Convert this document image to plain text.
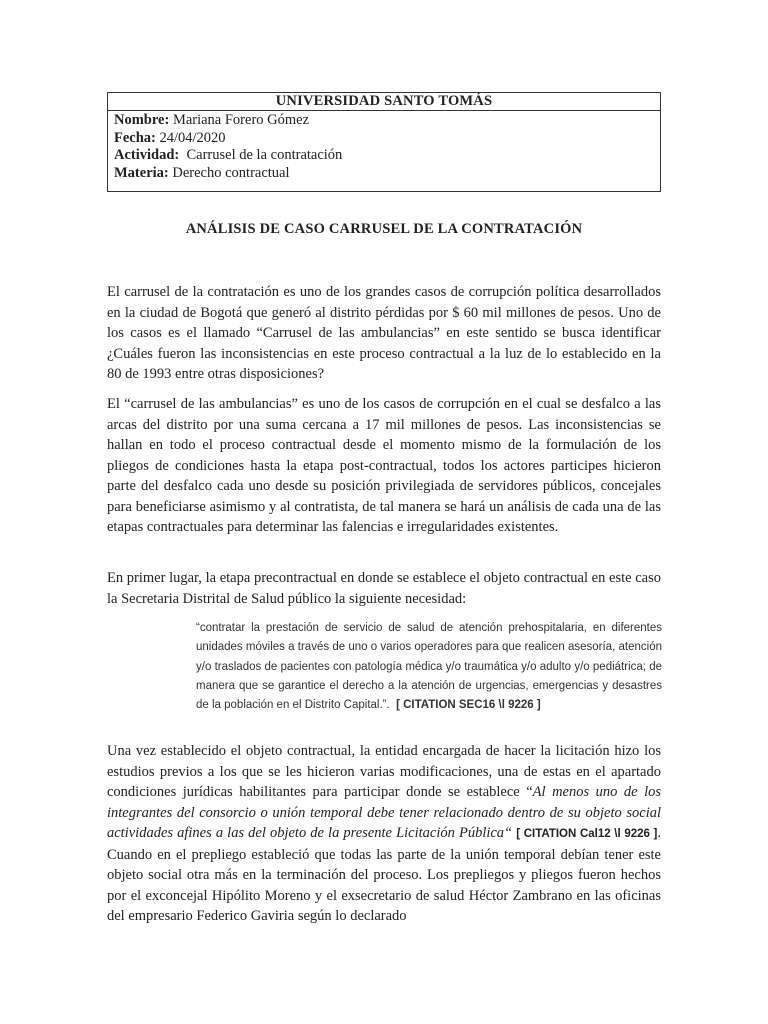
UNIVERSIDAD SANTO TOMÁS
Nombre: Mariana Forero Gómez
Fecha: 24/04/2020
Actividad:  Carrusel de la contratación
Materia: Derecho contractual
ANÁLISIS DE CASO CARRUSEL DE LA CONTRATACIÓN

El carrusel de la contratación es uno de los grandes casos de corrupción política desarrollados en la ciudad de Bogotá que generó al distrito pérdidas por $ 60 mil millones de pesos. Uno de los casos es el llamado “Carrusel de las ambulancias” en este sentido se busca identificar ¿Cuáles fueron las inconsistencias en este proceso contractual a la luz de lo establecido en la 80 de 1993 entre otras disposiciones?

El “carrusel de las ambulancias” es uno de los casos de corrupción en el cual se desfalco a las arcas del distrito por una suma cercana a 17 mil millones de pesos. Las inconsistencias se hallan en todo el proceso contractual desde el momento mismo de la formulación de los pliegos de condiciones hasta la etapa post-contractual, todos los actores participes hicieron parte del desfalco cada uno desde su posición privilegiada de servidores públicos, concejales para beneficiarse asimismo y al contratista, de tal manera se hará un análisis de cada una de las etapas contractuales para determinar las falencias e irregularidades existentes.

En primer lugar, la etapa precontractual en donde se establece el objeto contractual en este caso la Secretaria Distrital de Salud público la siguiente necesidad:

“contratar la prestación de servicio de salud de atención prehospitalaria, en diferentes unidades móviles a través de uno o varios operadores para que realicen asesoría, atención y/o traslados de pacientes con patología médica y/o traumática y/o adulto y/o pediátrica; de manera que se garantice el derecho a la atención de urgencias, emergencias y desastres de la población en el Distrito Capital.”.  [ CITATION SEC16 \l 9226 ]

Una vez establecido el objeto contractual, la entidad encargada de hacer la licitación hizo los estudios previos a los que se les hicieron varias modificaciones, una de estas en el apartado condiciones jurídicas habilitantes para participar donde se establece “Al menos uno de los integrantes del consorcio o unión temporal debe tener relacionado dentro de su objeto social actividades afines a las del objeto de la presente Licitación Pública“ [ CITATION Cal12 \l 9226 ]. Cuando en el prepliego estableció que todas las parte de la unión temporal debían tener este objeto social otra más en la terminación del proceso. Los prepliegos y pliegos fueron hechos por el exconcejal Hipólito Moreno y el exsecretario de salud Héctor Zambrano en las oficinas del empresario Federico Gaviria según lo declarado
